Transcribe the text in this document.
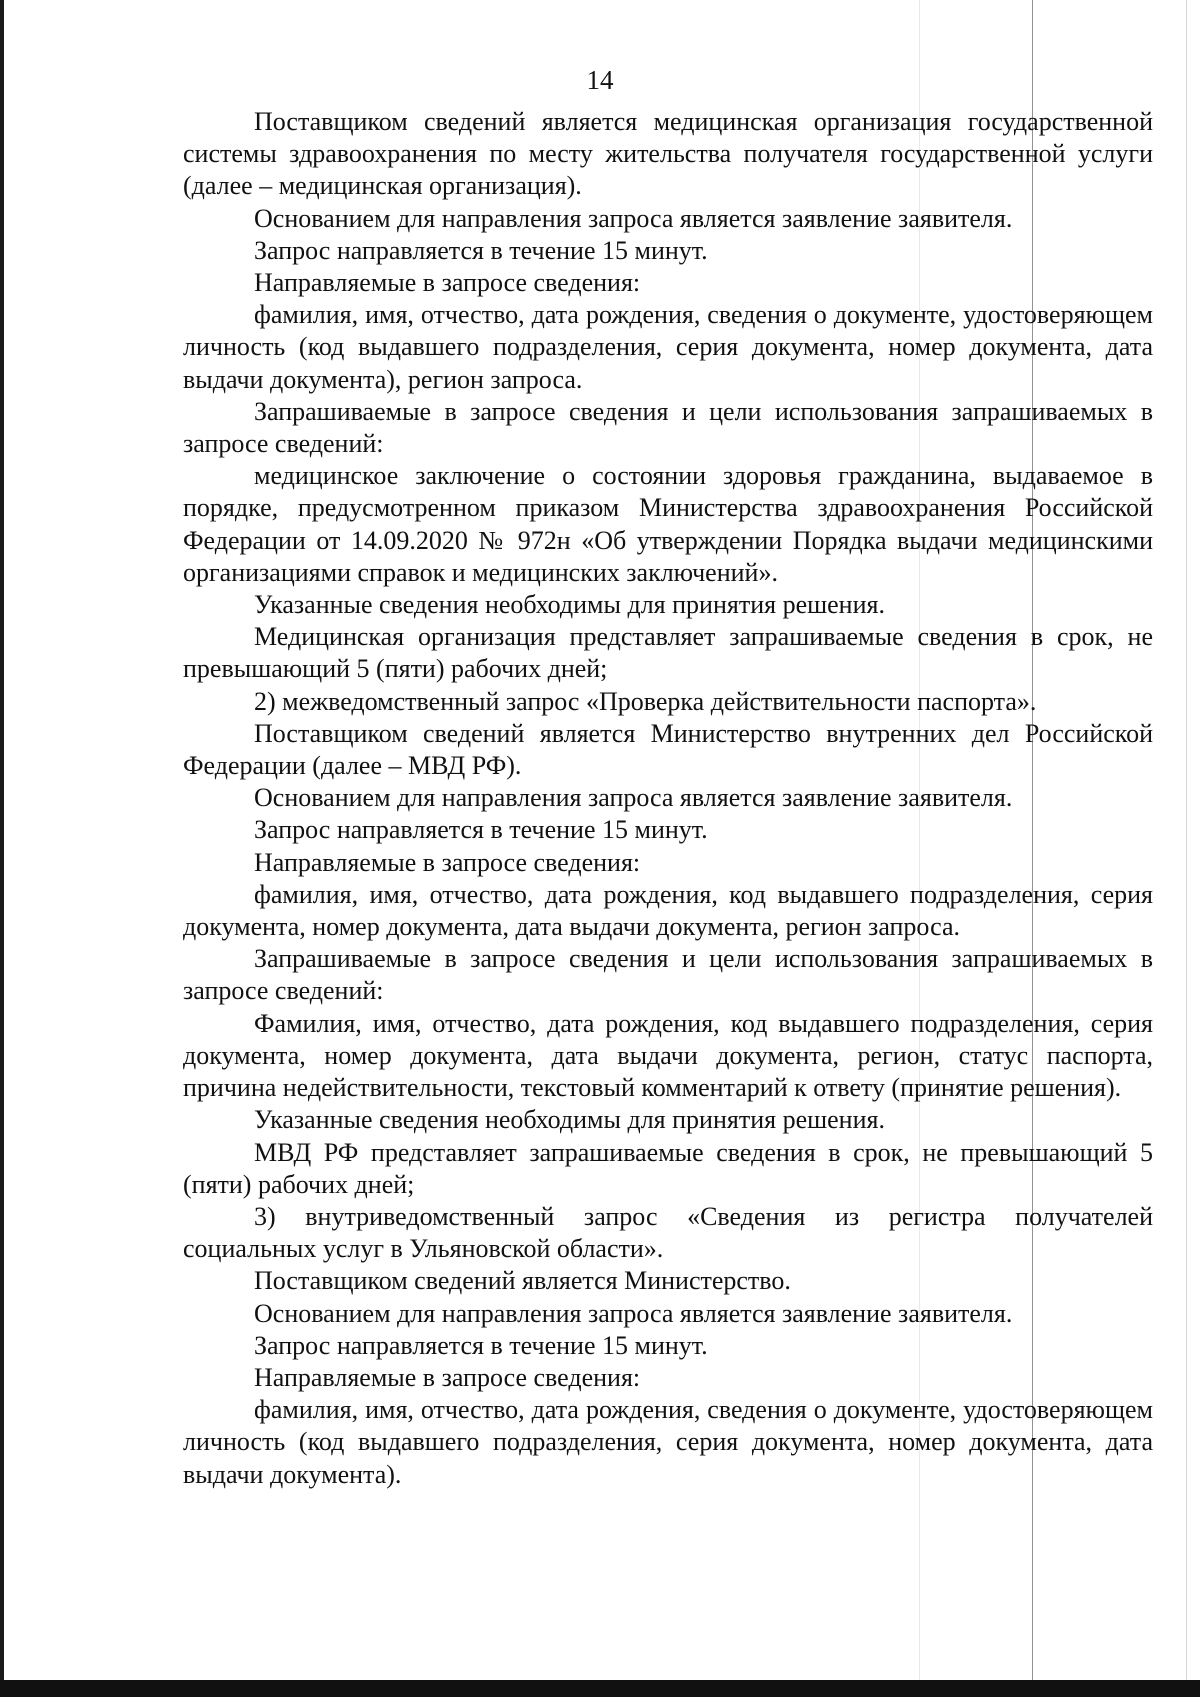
14

Поставщиком сведений является медицинская организация государственной системы здравоохранения по месту жительства получателя государственной услуги (далее – медицинская организация).

Основанием для направления запроса является заявление заявителя.

Запрос направляется в течение 15 минут.

Направляемые в запросе сведения:

фамилия, имя, отчество, дата рождения, сведения о документе, удостоверяющем личность (код выдавшего подразделения, серия документа, номер документа, дата выдачи документа), регион запроса.

Запрашиваемые в запросе сведения и цели использования запрашиваемых в запросе сведений:

медицинское заключение о состоянии здоровья гражданина, выдаваемое в порядке, предусмотренном приказом Министерства здравоохранения Российской Федерации от 14.09.2020 № 972н «Об утверждении Порядка выдачи медицинскими организациями справок и медицинских заключений».

Указанные сведения необходимы для принятия решения.

Медицинская организация представляет запрашиваемые сведения в срок, не превышающий 5 (пяти) рабочих дней;

2) межведомственный запрос «Проверка действительности паспорта».

Поставщиком сведений является Министерство внутренних дел Российской Федерации (далее – МВД РФ).

Основанием для направления запроса является заявление заявителя.

Запрос направляется в течение 15 минут.

Направляемые в запросе сведения:

фамилия, имя, отчество, дата рождения, код выдавшего подразделения, серия документа, номер документа, дата выдачи документа, регион запроса.

Запрашиваемые в запросе сведения и цели использования запрашиваемых в запросе сведений:

Фамилия, имя, отчество, дата рождения, код выдавшего подразделения, серия документа, номер документа, дата выдачи документа, регион, статус паспорта, причина недействительности, текстовый комментарий к ответу (принятие решения).

Указанные сведения необходимы для принятия решения.

МВД РФ представляет запрашиваемые сведения в срок, не превышающий 5 (пяти) рабочих дней;

3) внутриведомственный запрос «Сведения из регистра получателей социальных услуг в Ульяновской области».

Поставщиком сведений является Министерство.

Основанием для направления запроса является заявление заявителя.

Запрос направляется в течение 15 минут.

Направляемые в запросе сведения:

фамилия, имя, отчество, дата рождения, сведения о документе, удостоверяющем личность (код выдавшего подразделения, серия документа, номер документа, дата выдачи документа).
